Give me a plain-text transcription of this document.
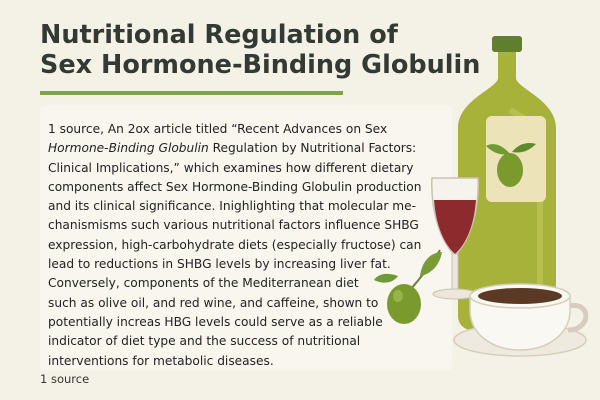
Nutritional Regulation of
Sex Hormone-Binding Globulin

1 source, An 2ox article titled “Recent Advances on Sex
Hormone-Binding Globulin Regulation by Nutritional Factors:
Clinical Implications,” which examines how different dietary
components affect Sex Hormone-Binding Globulin production
and its clinical significance. Inighlighting that molecular me-
chanismisms such various nutritional factors influence SHBG
expression, high-carbohydrate diets (especially fructose) can
lead to reductions in SHBG levels by increasing liver fat.
Conversely, components of the Mediterranean diet
such as olive oil, and red wine, and caffeine, shown to
potentially increas HBG levels could serve as a reliable
indicator of diet type and the success of nutritional
interventions for metabolic diseases.

1 source
